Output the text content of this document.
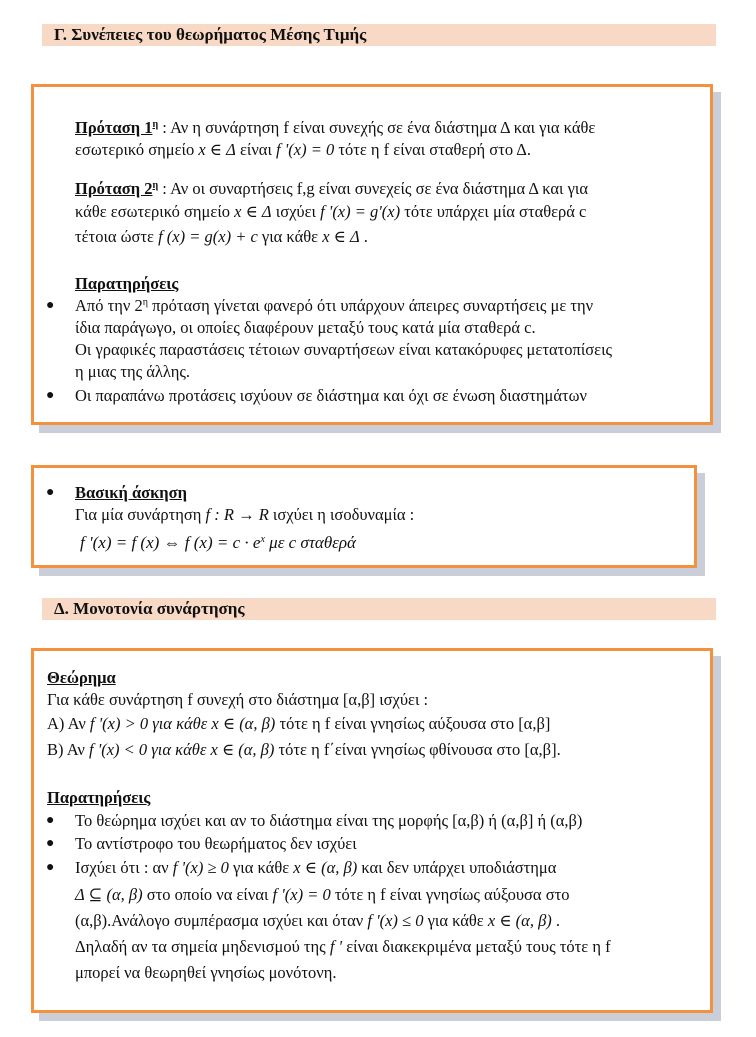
Γ. Συνέπειες του θεωρήματος Μέσης Τιμής
Πρόταση $1^\eta$ : Αν η συνάρτηση f είναι συνεχής σε ένα διάστημα Δ και για κάθε
εσωτερικό σημείο x ∈ Δ είναι f '(x) = 0 τότε η f είναι σταθερή στο Δ.
Πρόταση $2^\eta$ : Αν οι συναρτήσεις f,g είναι συνεχείς σε ένα διάστημα Δ και για
κάθε εσωτερικό σημείο x ∈ Δ ισχύει f '(x) = g'(x) τότε υπάρχει μία σταθερά c
τέτοια ώστε f (x) = g(x) + c για κάθε x ∈ Δ .
Παρατηρήσεις
● Από την $2^\eta$ πρόταση γίνεται φανερό ότι υπάρχουν άπειρες συναρτήσεις με την
ίδια παράγωγο, οι οποίες διαφέρουν μεταξύ τους κατά μία σταθερά c.
Οι γραφικές παραστάσεις τέτοιων συναρτήσεων είναι κατακόρυφες μετατοπίσεις
η μιας της άλλης.
● Οι παραπάνω προτάσεις ισχύουν σε διάστημα και όχι σε ένωση διαστημάτων
● Βασική άσκηση
Για μία συνάρτηση f : R → R ισχύει η ισοδυναμία :
f '(x) = f (x) ⇔ f $(x) = c \cdot e^x$ με c σταθερά
Δ. Μονοτονία συνάρτησης
Θεώρημα
Για κάθε συνάρτηση f συνεχή στο διάστημα [α,β] ισχύει :
Α) Αν f '(x) > 0 για κάθε x ∈ (α, β) τότε η f είναι γνησίως αύξουσα στο [α,β]
Β) Αν f '(x) < 0 για κάθε x ∈ (α, β) τότε η f΄είναι γνησίως φθίνουσα στο [α,β].
Παρατηρήσεις
● Το θεώρημα ισχύει και αν το διάστημα είναι της μορφής [α,β) ή (α,β] ή (α,β)
● Το αντίστροφο του θεωρήματος δεν ισχύει
● Ισχύει ότι : αν f '(x) ≥ 0 για κάθε x ∈ (α, β) και δεν υπάρχει υποδιάστημα
Δ ⊆ (α, β) στο οποίο να είναι f '(x) = 0 τότε η f είναι γνησίως αύξουσα στο
(α,β).Ανάλογο συμπέρασμα ισχύει και όταν f '(x) ≤ 0 για κάθε x ∈ (α, β) .
Δηλαδή αν τα σημεία μηδενισμού της f ' είναι διακεκριμένα μεταξύ τους τότε η f
μπορεί να θεωρηθεί γνησίως μονότονη.
